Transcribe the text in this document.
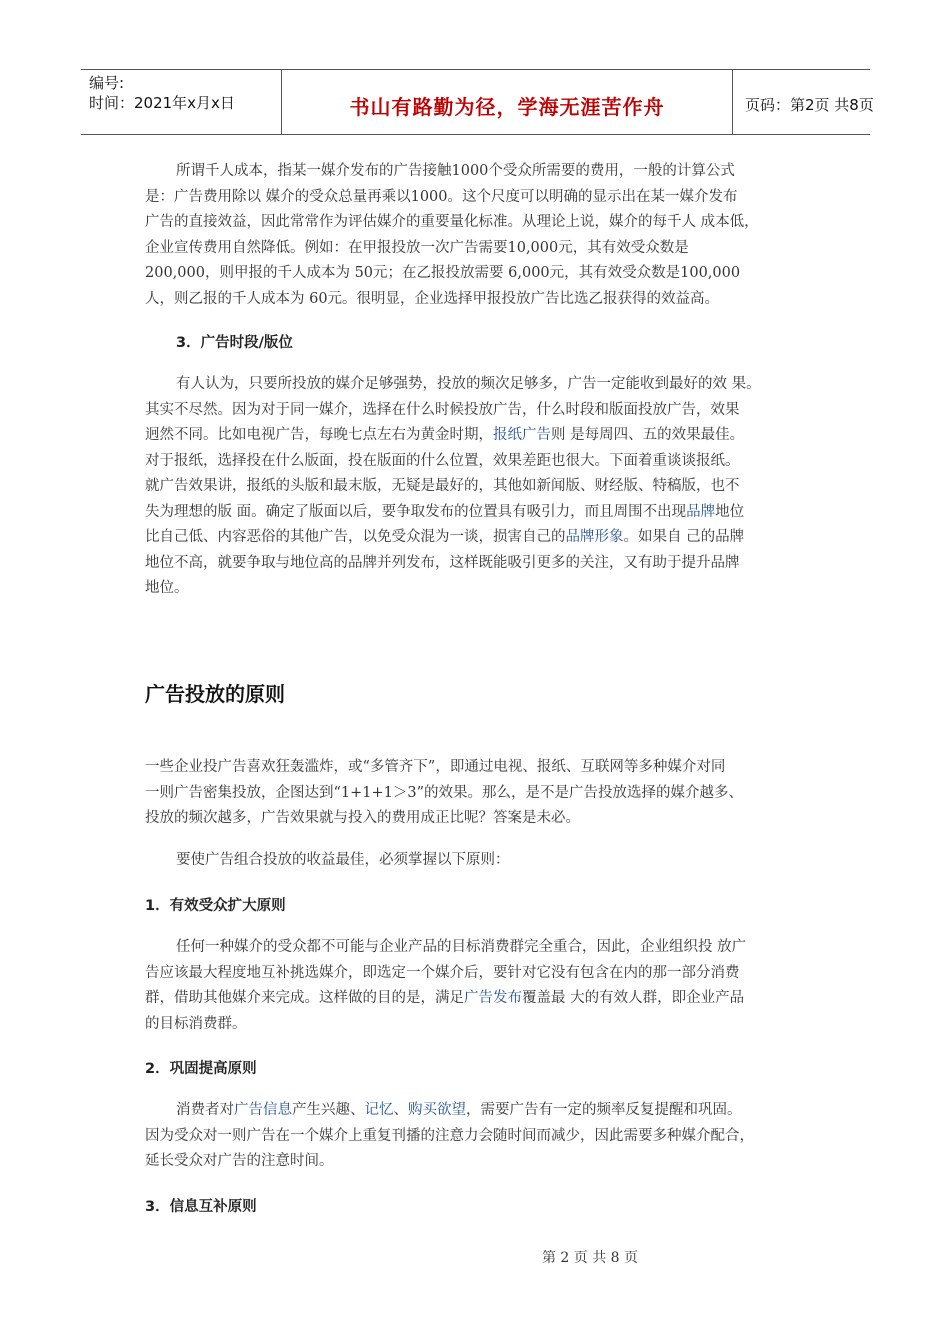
编号:
时间：2021年x月x日	书山有路勤为径，学海无涯苦作舟	页码：第2页 共8页
所谓千人成本，指某一媒介发布的广告接触1000个受众所需要的费用，一般的计算公式
是：广告费用除以 媒介的受众总量再乘以1000。这个尺度可以明确的显示出在某一媒介发布
广告的直接效益，因此常常作为评估媒介的重要量化标准。从理论上说，媒介的每千人 成本低，
企业宣传费用自然降低。例如：在甲报投放一次广告需要10,000元，其有效受众数是
200,000，则甲报的千人成本为 50元；在乙报投放需要 6,000元，其有效受众数是100,000
人，则乙报的千人成本为 60元。很明显，企业选择甲报投放广告比选乙报获得的效益高。
3．广告时段/版位
有人认为，只要所投放的媒介足够强势，投放的频次足够多，广告一定能收到最好的效 果。
其实不尽然。因为对于同一媒介，选择在什么时候投放广告，什么时段和版面投放广告，效果
迥然不同。比如电视广告，每晚七点左右为黄金时期，报纸广告则 是每周四、五的效果最佳。
对于报纸，选择投在什么版面，投在版面的什么位置，效果差距也很大。下面着重谈谈报纸。
就广告效果讲，报纸的头版和最末版，无疑是最好的，其他如新闻版、财经版、特稿版，也不
失为理想的版 面。确定了版面以后，要争取发布的位置具有吸引力，而且周围不出现品牌地位
比自己低、内容恶俗的其他广告，以免受众混为一谈，损害自己的品牌形象。如果自 己的品牌
地位不高，就要争取与地位高的品牌并列发布，这样既能吸引更多的关注，又有助于提升品牌
地位。
广告投放的原则
一些企业投广告喜欢狂轰滥炸，或“多管齐下”，即通过电视、报纸、互联网等多种媒介对同
一则广告密集投放，企图达到“1+1+1＞3”的效果。那么，是不是广告投放选择的媒介越多、
投放的频次越多，广告效果就与投入的费用成正比呢？答案是未必。
要使广告组合投放的收益最佳，必须掌握以下原则：
1．有效受众扩大原则
任何一种媒介的受众都不可能与企业产品的目标消费群完全重合，因此，企业组织投 放广
告应该最大程度地互补挑选媒介，即选定一个媒介后，要针对它没有包含在内的那一部分消费
群，借助其他媒介来完成。这样做的目的是，满足广告发布覆盖最 大的有效人群，即企业产品
的目标消费群。
2．巩固提高原则
消费者对广告信息产生兴趣、记忆、购买欲望，需要广告有一定的频率反复提醒和巩固。
因为受众对一则广告在一个媒介上重复刊播的注意力会随时间而减少，因此需要多种媒介配合，
延长受众对广告的注意时间。
3．信息互补原则
第 2 页 共 8 页
